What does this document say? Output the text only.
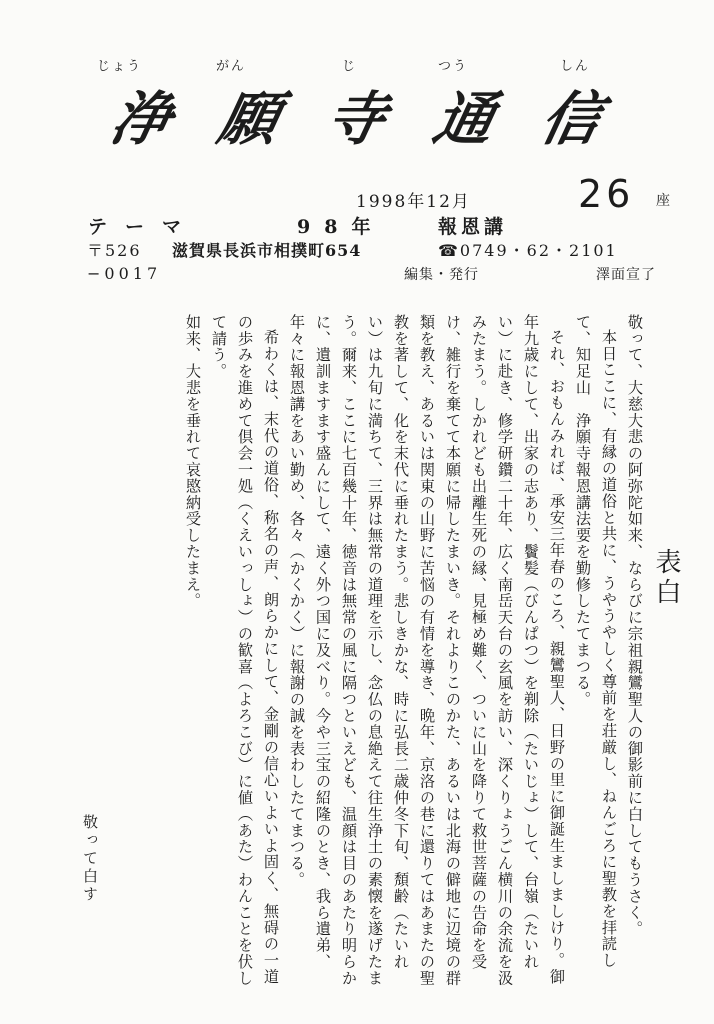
じょう	がん	じ	つう	しん
浄 願 寺 通 信
1998年12月	26 座
テーマ	98年	報恩講
〒526 滋賀県長浜市相撲町654	☎0749・62・2101
−0017	編集・発行	澤面宣了
表白

敬って、大慈大悲の阿弥陀如来、ならびに宗祖親鸞聖人の御影前に白してもうさく。

本日ここに、有縁の道俗と共に、うやうやしく尊前を荘厳し、ねんごろに聖教を拝読して、知足山　浄願寺報恩講法要を勤修したてまつる。

それ、おもんみれば、承安三年春のころ、親鸞聖人、日野の里に御誕生ましましけり。御年九歳にして、出家の志あり、鬢髪（びんぱつ）を剃除（たいじょ）して、台嶺（たいれい）に赴き、修学研鑽二十年、広く南岳天台の玄風を訪い、深くりょうごん横川の余流を汲みたまう。しかれども出離生死の縁、見極め難く、ついに山を降りて救世菩薩の告命を受け、雑行を棄てて本願に帰したまいき。それよりこのかた、あるいは北海の僻地に辺境の群類を教え、あるいは関東の山野に苦悩の有情を導き、晩年、京洛の巷に還りてはあまたの聖教を著して、化を末代に垂れたまう。悲しきかな、時に弘長二歳仲冬下旬、頽齢（たいれい）は九旬に満ちて、三界は無常の道理を示し、念仏の息絶えて往生浄土の素懐を遂げたまう。爾来、ここに七百幾十年、徳音は無常の風に隔つといえども、温顔は目のあたり明らかに、遺訓ますます盛んにして、遠く外つ国に及べり。今や三宝の紹隆のとき、我ら遺弟、年々に報恩講をあい勤め、各々（かくかく）に報謝の誠を表わしたてまつる。

希わくは、末代の道俗、称名の声、朗らかにして、金剛の信心いよいよ固く、無碍の一道の歩みを進めて倶会一処（くえいっしょ）の歓喜（よろこび）に値（あた）わんことを伏して請う。

如来、大悲を垂れて哀愍納受したまえ。

敬って白す
